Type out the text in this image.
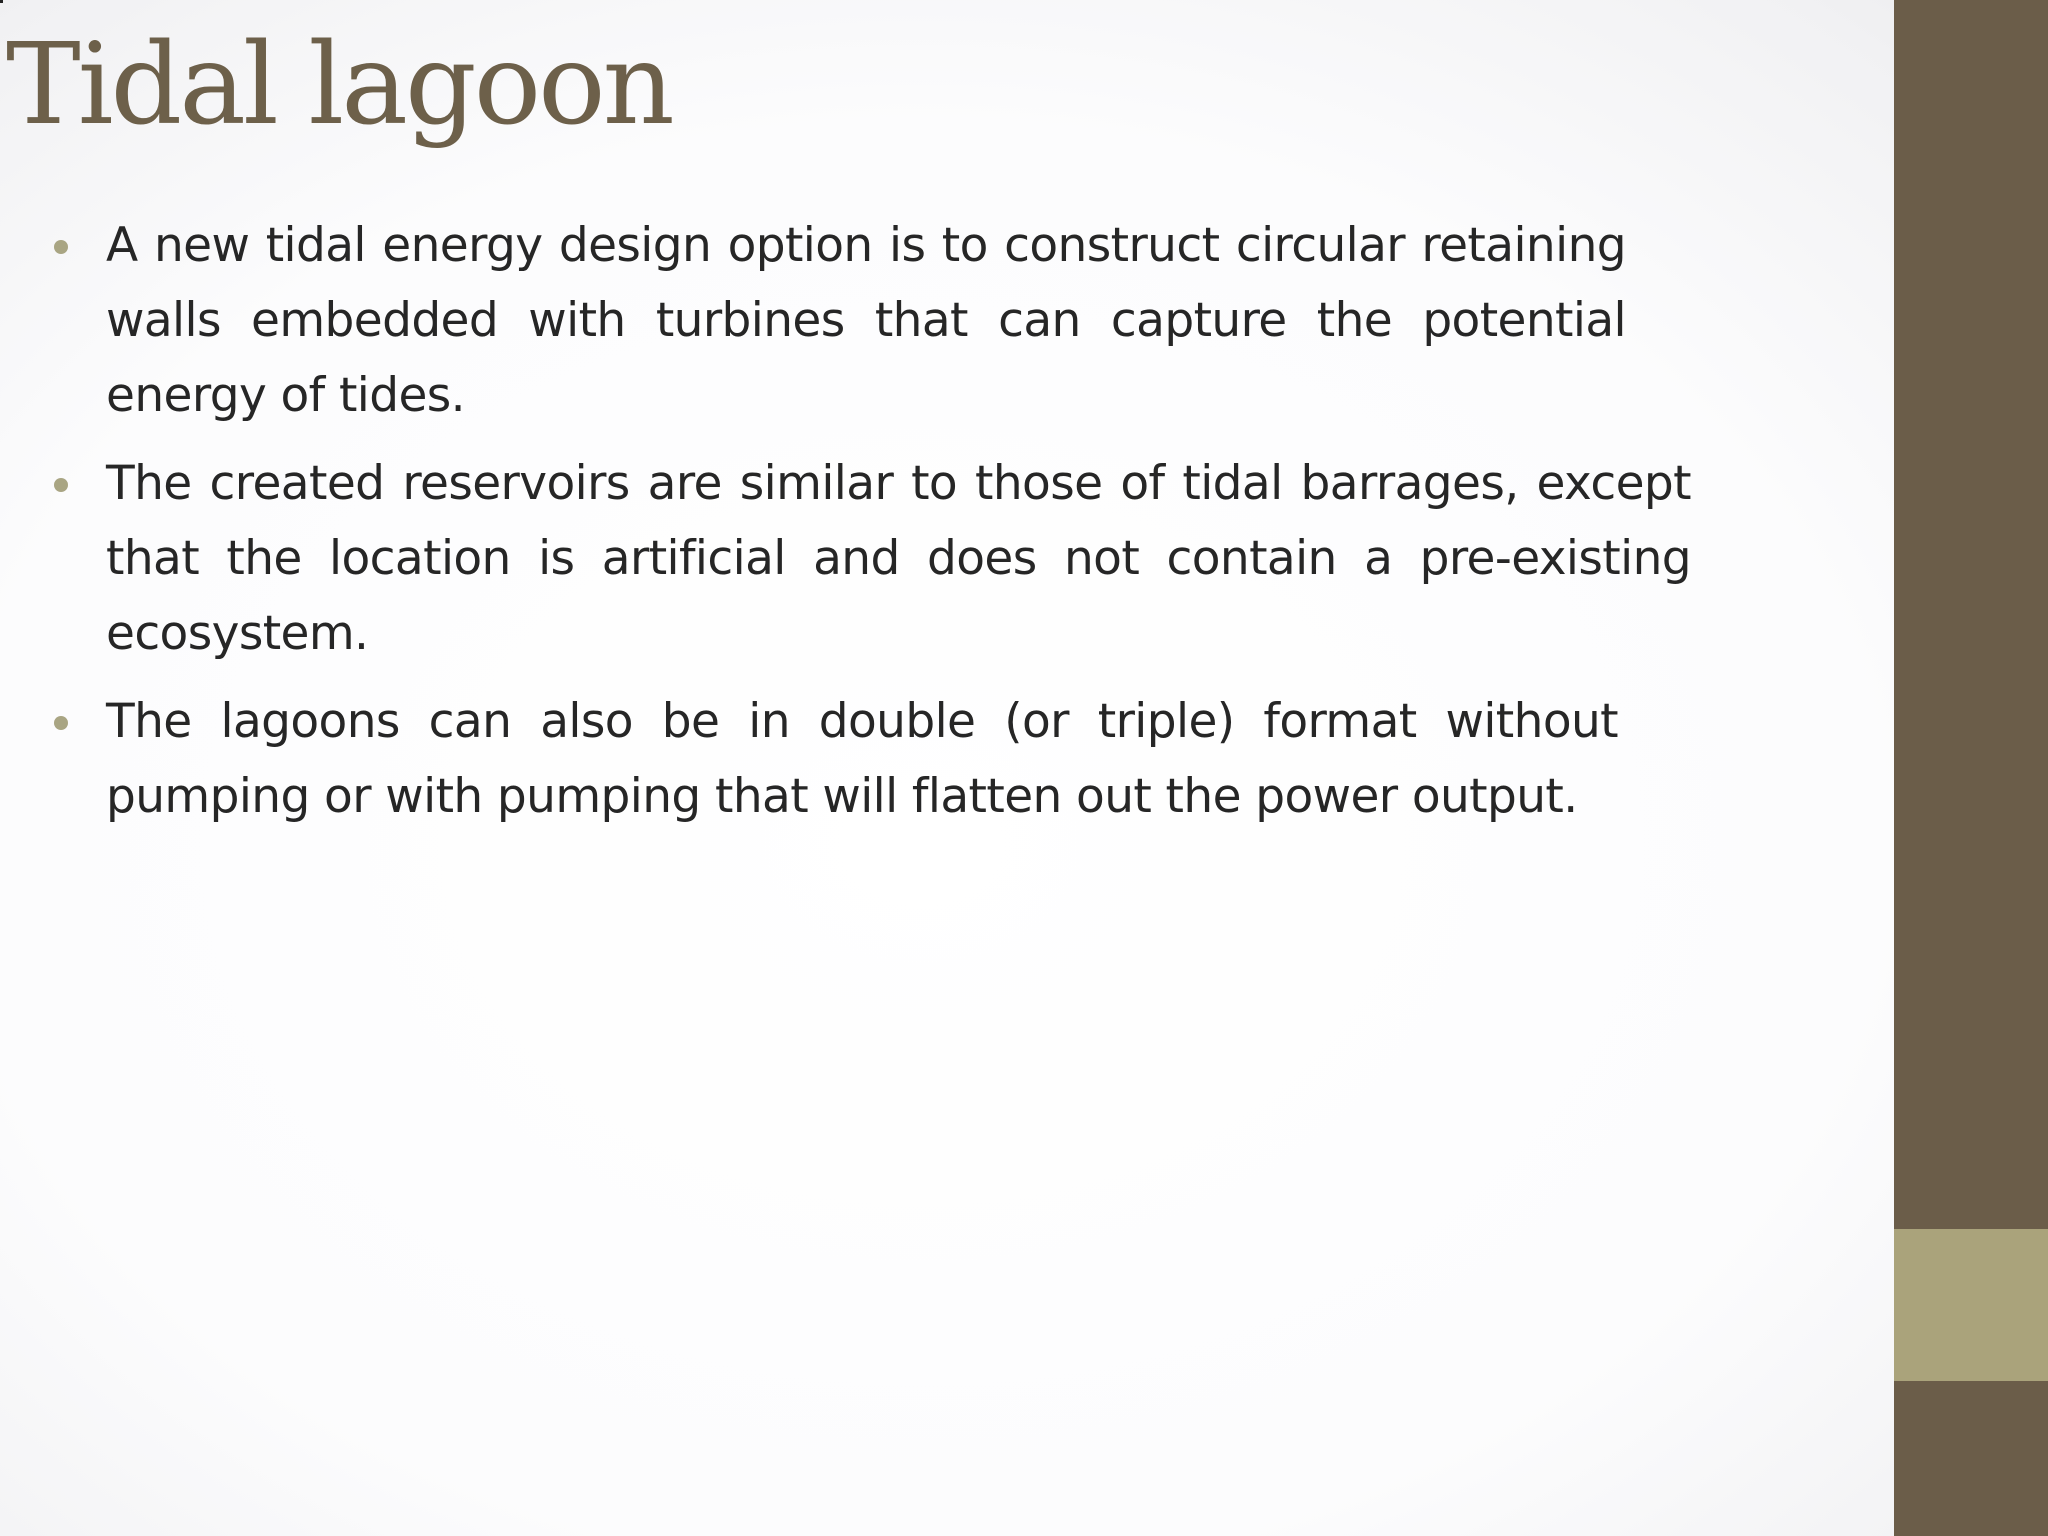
Tidal lagoon
A new tidal energy design option is to construct circular retaining walls embedded with turbines that can capture the potential energy of tides.
The created reservoirs are similar to those of tidal barrages, except that the location is artificial and does not contain a pre-existing ecosystem.
The lagoons can also be in double (or triple) format without pumping or with pumping that will flatten out the power output.
